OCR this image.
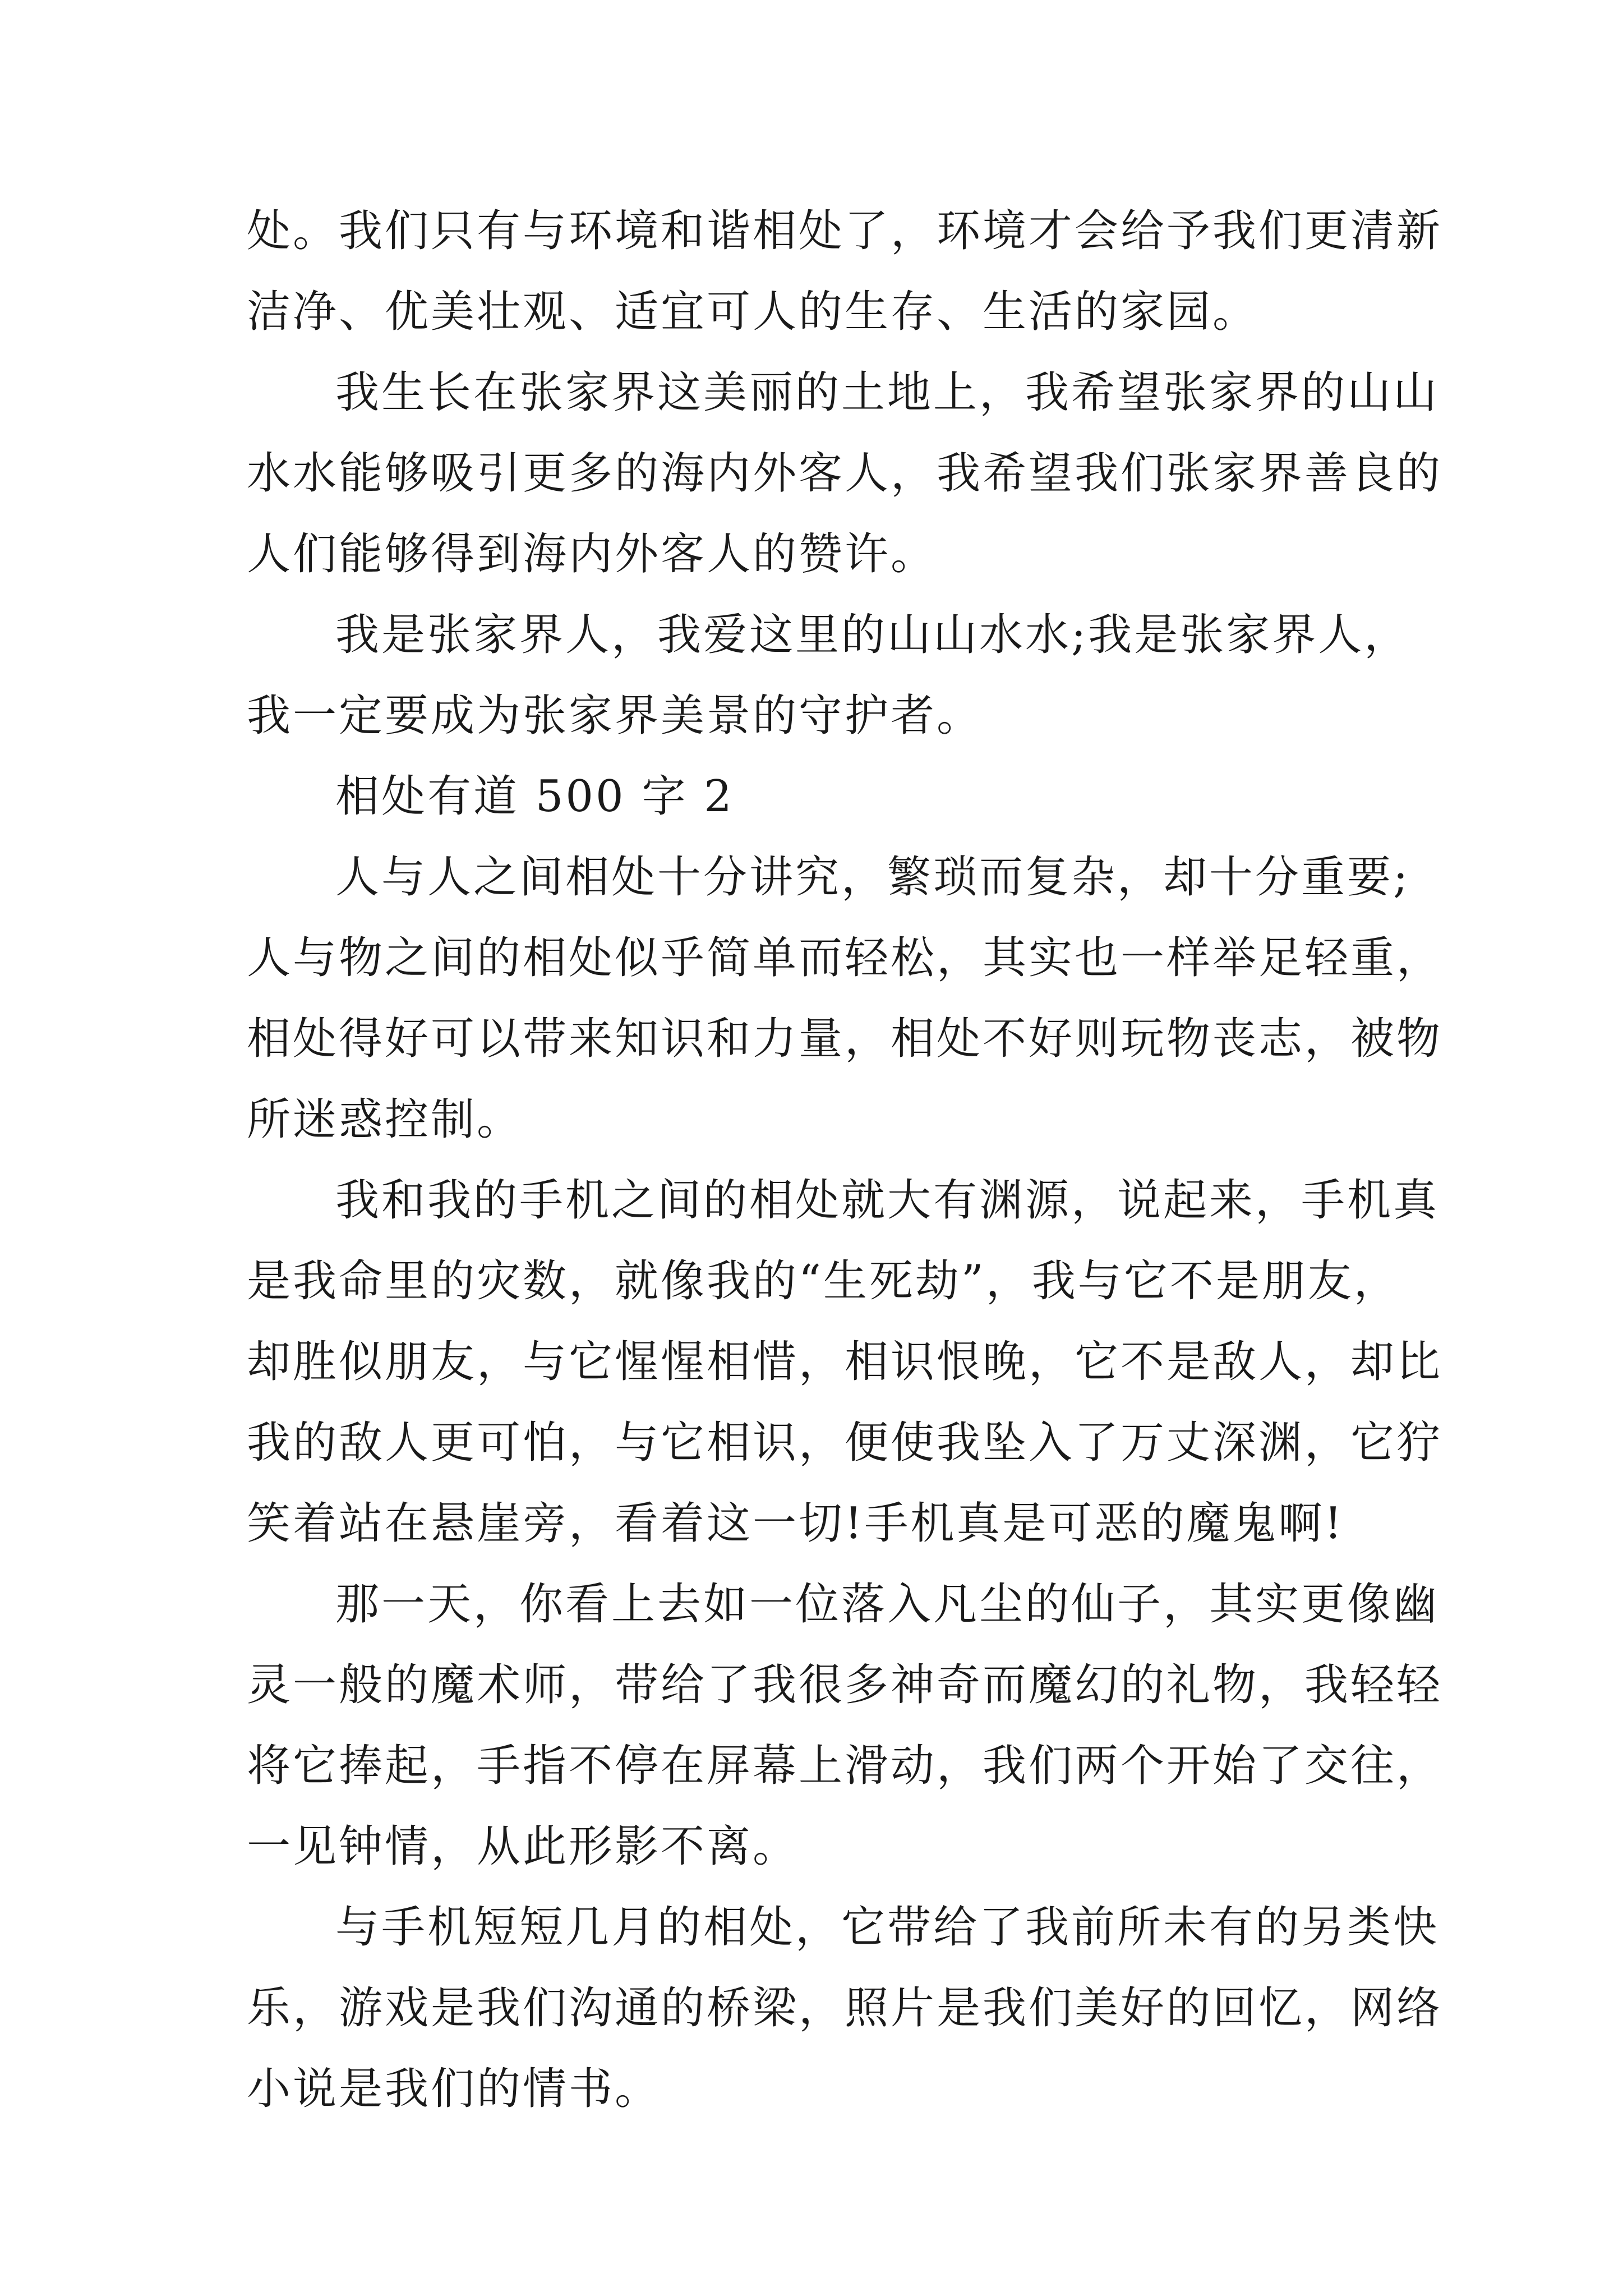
处。我们只有与环境和谐相处了，环境才会给予我们更清新
洁净、优美壮观、适宜可人的生存、生活的家园。
我生长在张家界这美丽的土地上，我希望张家界的山山
水水能够吸引更多的海内外客人，我希望我们张家界善良的
人们能够得到海内外客人的赞许。
我是张家界人，我爱这里的山山水水;我是张家界人，
我一定要成为张家界美景的守护者。
相处有道 500 字 2
人与人之间相处十分讲究，繁琐而复杂，却十分重要;
人与物之间的相处似乎简单而轻松，其实也一样举足轻重，
相处得好可以带来知识和力量，相处不好则玩物丧志，被物
所迷惑控制。
我和我的手机之间的相处就大有渊源，说起来，手机真
是我命里的灾数，就像我的“生死劫”，我与它不是朋友，
却胜似朋友，与它惺惺相惜，相识恨晚，它不是敌人，却比
我的敌人更可怕，与它相识，便使我坠入了万丈深渊，它狞
笑着站在悬崖旁，看着这一切!手机真是可恶的魔鬼啊!
那一天，你看上去如一位落入凡尘的仙子，其实更像幽
灵一般的魔术师，带给了我很多神奇而魔幻的礼物，我轻轻
将它捧起，手指不停在屏幕上滑动，我们两个开始了交往，
一见钟情，从此形影不离。
与手机短短几月的相处，它带给了我前所未有的另类快
乐，游戏是我们沟通的桥梁，照片是我们美好的回忆，网络
小说是我们的情书。
